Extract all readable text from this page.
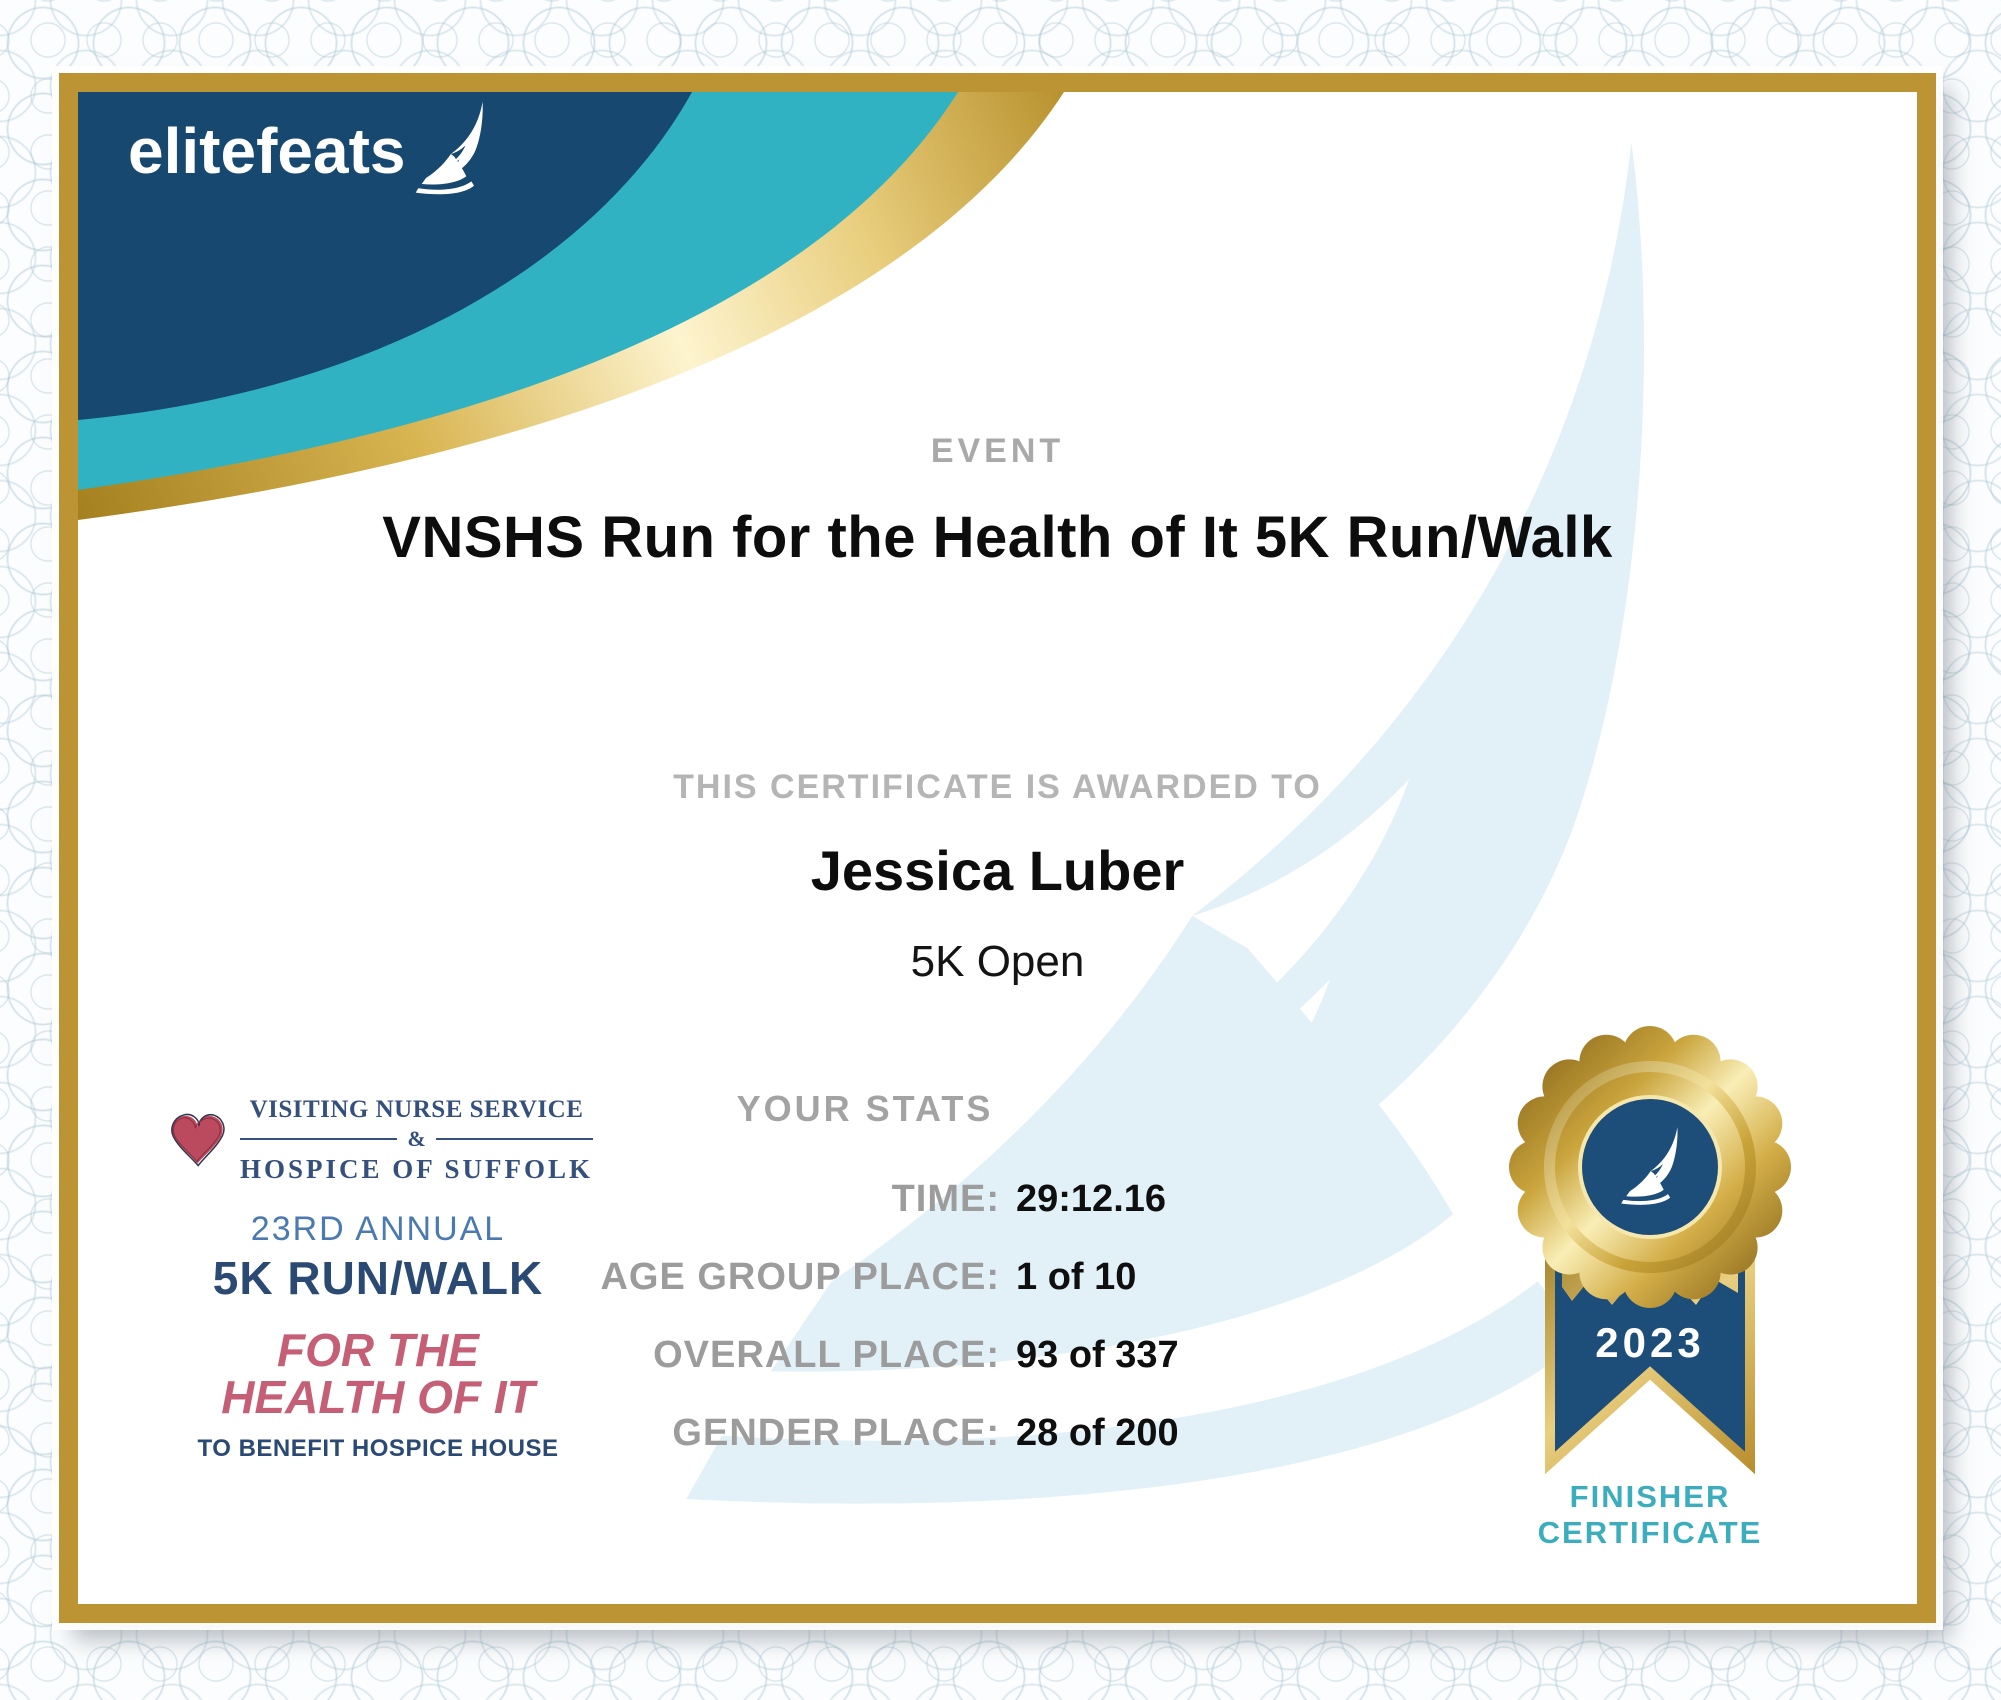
elitefeats
EVENT
VNSHS Run for the Health of It 5K Run/Walk
THIS CERTIFICATE IS AWARDED TO
Jessica Luber
5K Open
YOUR STATS
TIME: 29:12.16
AGE GROUP PLACE: 1 of 10
OVERALL PLACE: 93 of 337
GENDER PLACE: 28 of 200
VISITING NURSE SERVICE
&
HOSPICE OF SUFFOLK
23RD ANNUAL
5K RUN/WALK
FOR THE
HEALTH OF IT
TO BENEFIT HOSPICE HOUSE
2023
FINISHER
CERTIFICATE
